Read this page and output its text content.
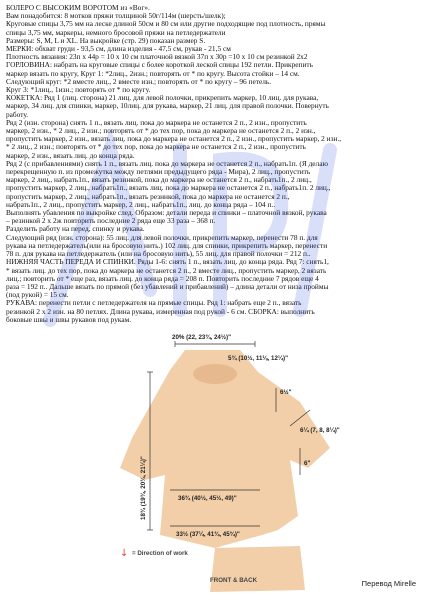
БОЛЕРО С ВЫСОКИМ ВОРОТОМ из «Вог».

Вам понадобится: 8 мотков пряжи толщиной 50г/114м (шерсть/шелк);

Круговые спицы 3,75 мм на леске длиной 50см и 80 см или другие подходящие под плотность, прямы

спицы 3,75 мм, маркеры, немного бросовой пряжи на петледержатели

Размеры: S, M, L и XL. На выкройке (стр. 29) показан размер S.

МЕРКИ: обхват груди - 93,5 см, длина изделия - 47,5 см, рукав - 21,5 см

Плотность вязания: 23п х 44р = 10 х 10 см платочной вязкой 37п х 30р =10 х 10 см резинкой 2х2

ГОРЛОВИНА: набрать на круговые спицы с более короткой леской спицы 192 петли. Прикрепить

маркер вязать по кругу, Круг 1: *2лиц., 2изн.; повторять от * по кругу. Высота стойки – 14 см.

Следующий круг: *2 вместе лиц., 2 вместе изн.; повторять от * по кругу – 96 петель.

Круг 3: *1лиц., 1изн.; повторять от * по кругу.

КОКЕТКА: Ряд 1 (лиц. сторона) 21 лиц. для левой полочки, прикрепить маркер, 10 лиц. для рукава,

маркер, 34 лиц. для спинки, маркер, 10лиц. для рукава, маркер, 21 лиц. для правой полочки. Повернуть

работу.

Ряд 2 (изн. сторона) снять 1 п., вязать лиц. пока до маркера не останется 2 п., 2 изн., пропустить

маркер, 2 изн., * 2 лиц., 2 изн.; повторять от * до тех пор, пока до маркера не останется 2 п., 2 изн.,

пропустить маркер, 2 изн., вязать лиц. пока до маркера не останется 2 п., 2 изн., пропустить маркер, 2 изн.,

* 2 лиц., 2 изн.; повторять от * до тех пор, пока до маркера не останется 2 п., 2 изн., пропустить

маркер, 2 изн., вязать лиц. до конца ряда.

Ряд 2 (с прибавлениями) снять 1 п., вязать лиц. пока до маркера не останется 2 п., набрать1п. (Я делаю

перекрещенную п. из промежутка между петлями предыдущего ряда - Мира), 2 лиц., пропустить

маркер, 2 лиц., набрать1п., вязать резинкой, пока до маркера не останется 2 п., набрать1п., 2 лиц.,

пропустить маркер, 2 лиц., набрать1п., вязать лиц. пока до маркера не останется 2 п., набрать1п. 2 лиц.,

пропустить маркер, 2 лиц., набрать1п., вязать резинкой, пока до маркера не останется 2 п.,

набрать1п., 2 лиц., пропустить маркер, 2 лиц., набрать1п., лиц. до конца ряда – 104 п..

Выполнять убавления по выкройке след. Образом: детали переда и спинки – платочной вязкой, рукава

– резинкой 2 х 2ж повторить последние 2 ряда еще 33 раза – 368 п.

Разделить работу на перед, спинку и рукава.

Следующий ряд (изн. сторона): 55 лиц. для левой полочки, прикрепить маркер, перенести 78 п. для

рукава на петледержатель(или на бросовую нить.) 102 лиц. для спинки, прикрепить маркер, перенести

78 п. для рукава на петледержатель (или на бросовую нить), 55 лиц. для правой полочки = 212 п..

НИЖНЯЯ ЧАСТЬ ПЕРЕДА И СПИНКИ. Ряды 1-6: снять 1 п., вязать лиц. до конца ряда. Ряд 7: снять1,

* вязать лиц. до тех пор, пока до маркера не останется 2 п., 2 вместе лиц., пропустить маркер, 2 вязать

лиц.; повторить от * еще раз, вязать лиц. до конца ряда = 208 п. Повторить последние 7 рядов еще 4

раза = 192 п.. Дальше вязать по прямой (без убавлений и прибавлений) – длина детали от низа проймы

(под рукой) = 15 см.

РУКАВА: перенести петли с петледержателя на прямые спицы. Ряд 1: набрать еще 2 п., вязать

резинкой 2 х 2 изн. на 80 петлях. Длина рукава, измеренная под рукой - 6 см. СБОРКА: выполнить

боковые швы и швы рукавов под рукам.

20% (22, 23¾, 24½)"
5¾ (10½, 11⅛, 12¼)"
6½"
6¼ (7, 8, 8¼)"
6"
18¾ (19¾, 20¾, 21¼)"	36¾ (40½, 45½, 49)"
33½ (37¼, 41¾, 45¾)"
↓ = Direction of work
FRONT & BACK	Перевод Mirelle
